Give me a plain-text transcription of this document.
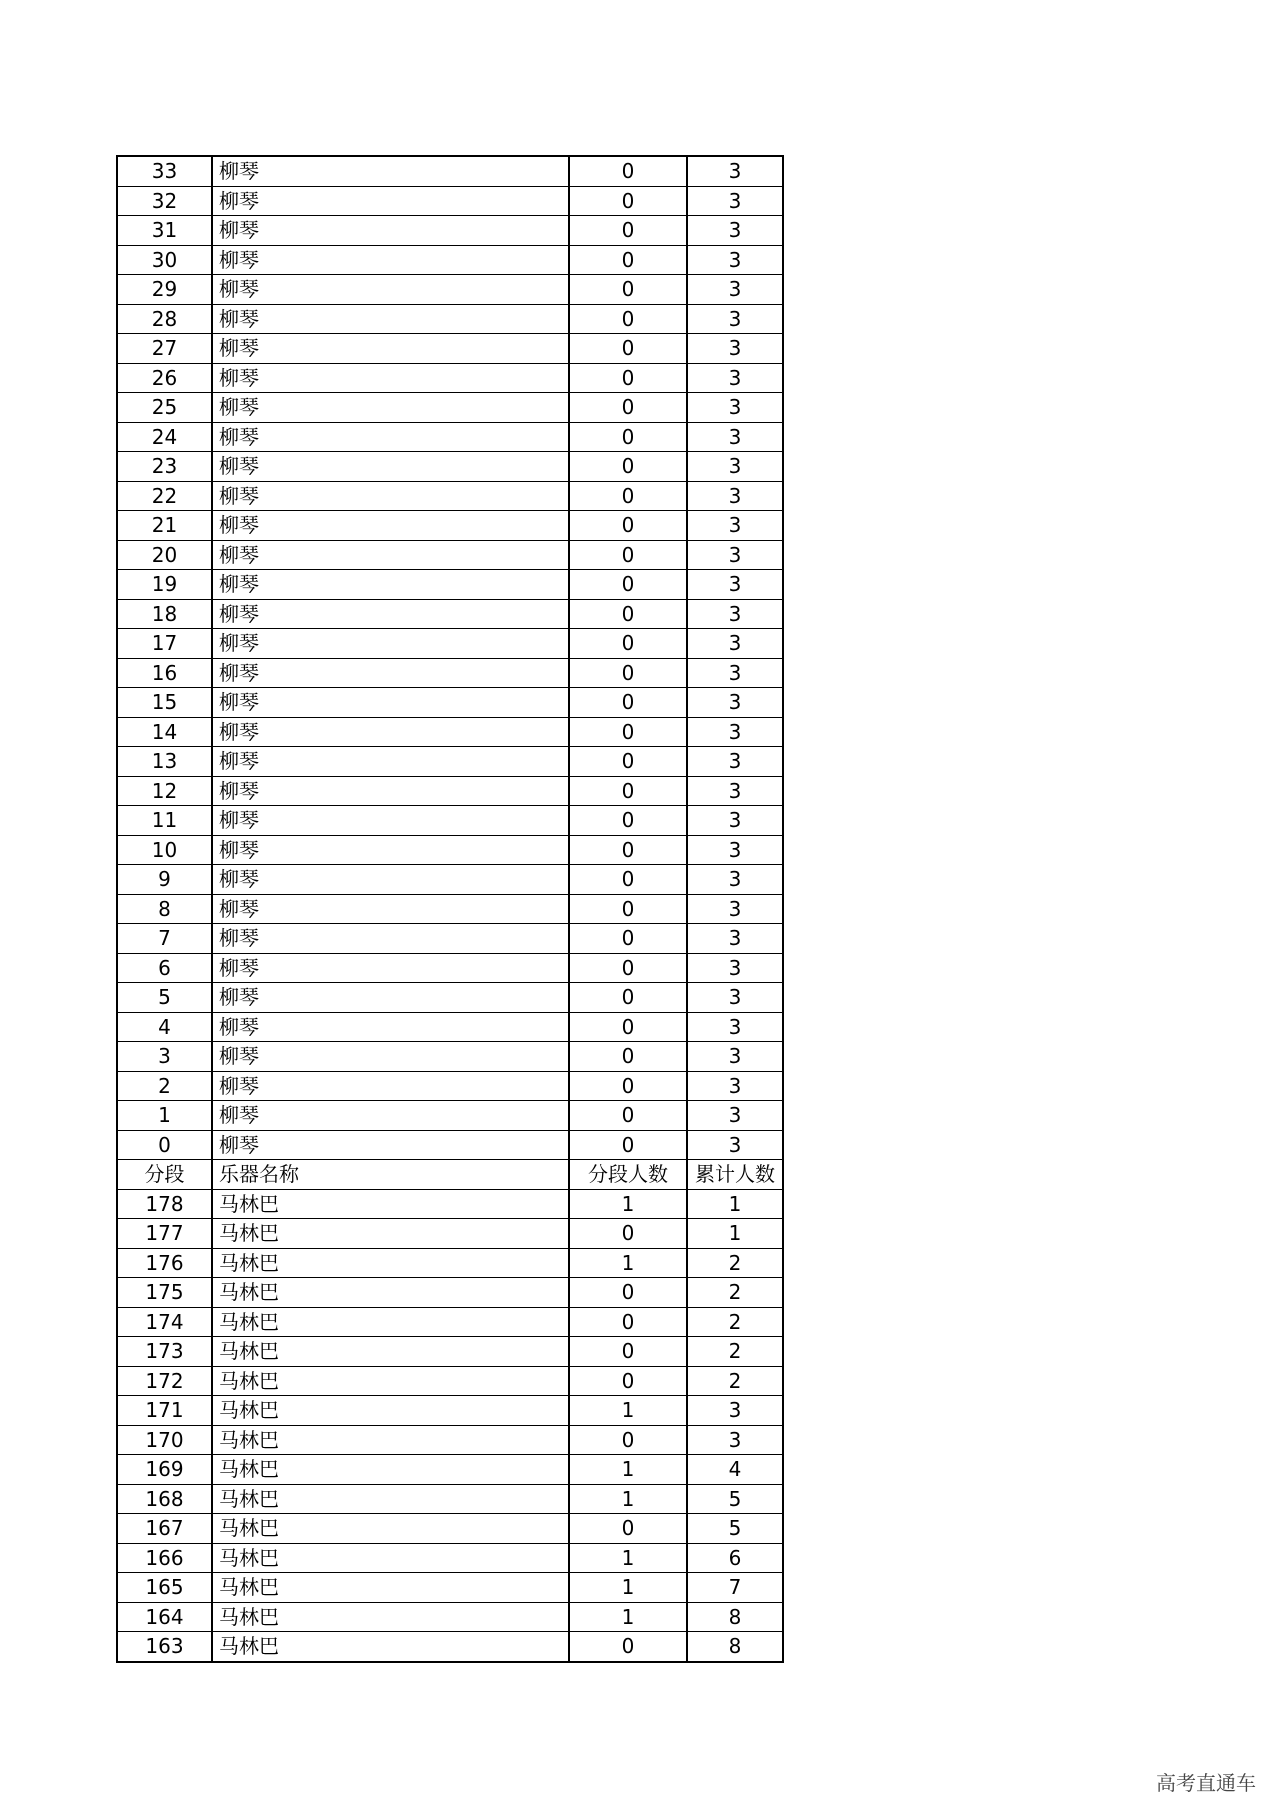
33	柳琴	0	3
32	柳琴	0	3
31	柳琴	0	3
30	柳琴	0	3
29	柳琴	0	3
28	柳琴	0	3
27	柳琴	0	3
26	柳琴	0	3
25	柳琴	0	3
24	柳琴	0	3
23	柳琴	0	3
22	柳琴	0	3
21	柳琴	0	3
20	柳琴	0	3
19	柳琴	0	3
18	柳琴	0	3
17	柳琴	0	3
16	柳琴	0	3
15	柳琴	0	3
14	柳琴	0	3
13	柳琴	0	3
12	柳琴	0	3
11	柳琴	0	3
10	柳琴	0	3
9	柳琴	0	3
8	柳琴	0	3
7	柳琴	0	3
6	柳琴	0	3
5	柳琴	0	3
4	柳琴	0	3
3	柳琴	0	3
2	柳琴	0	3
1	柳琴	0	3
0	柳琴	0	3
分段	乐器名称	分段人数	累计人数
178	马林巴	1	1
177	马林巴	0	1
176	马林巴	1	2
175	马林巴	0	2
174	马林巴	0	2
173	马林巴	0	2
172	马林巴	0	2
171	马林巴	1	3
170	马林巴	0	3
169	马林巴	1	4
168	马林巴	1	5
167	马林巴	0	5
166	马林巴	1	6
165	马林巴	1	7
164	马林巴	1	8
163	马林巴	0	8
高考直通车
